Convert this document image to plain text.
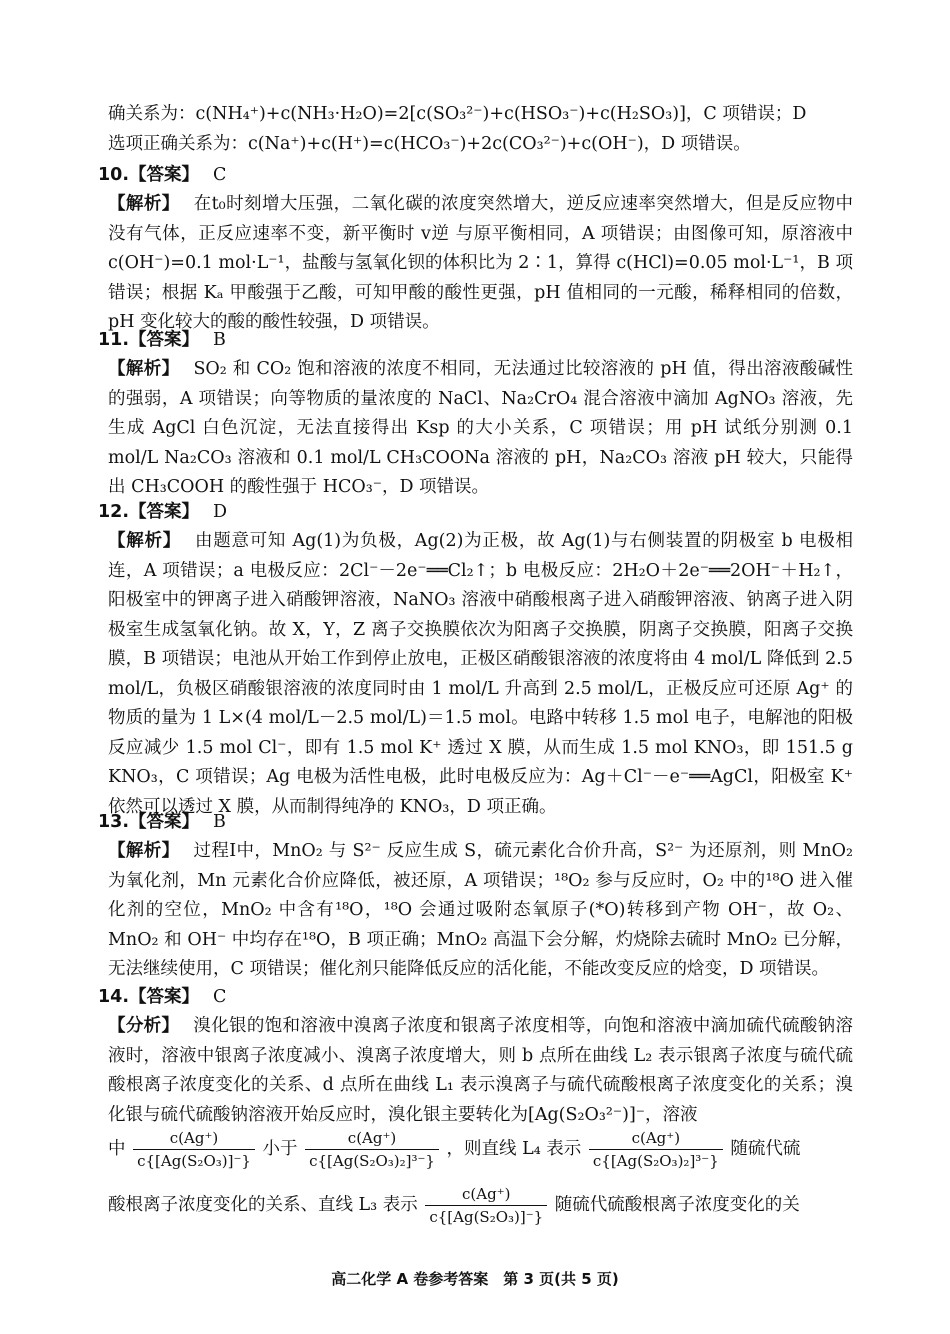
确关系为：c(NH₄⁺)+c(NH₃·H₂O)=2[c(SO₃²⁻)+c(HSO₃⁻)+c(H₂SO₃)]，C 项错误；D
选项正确关系为：c(Na⁺)+c(H⁺)=c(HCO₃⁻)+2c(CO₃²⁻)+c(OH⁻)，D 项错误。
10.【答案】 C
【解析】 在t₀时刻增大压强，二氧化碳的浓度突然增大，逆反应速率突然增大，但是反应物中没有气体，正反应速率不变，新平衡时 v逆 与原平衡相同，A 项错误；由图像可知，原溶液中 c(OH⁻)=0.1 mol·L⁻¹，盐酸与氢氧化钡的体积比为 2∶1，算得 c(HCl)=0.05 mol·L⁻¹，B 项错误；根据 Kₐ 甲酸强于乙酸，可知甲酸的酸性更强，pH 值相同的一元酸，稀释相同的倍数，pH 变化较大的酸的酸性较强，D 项错误。
11.【答案】 B
【解析】 SO₂ 和 CO₂ 饱和溶液的浓度不相同，无法通过比较溶液的 pH 值，得出溶液酸碱性的强弱，A 项错误；向等物质的量浓度的 NaCl、Na₂CrO₄ 混合溶液中滴加 AgNO₃ 溶液，先生成 AgCl 白色沉淀，无法直接得出 Ksp 的大小关系，C 项错误；用 pH 试纸分别测 0.1 mol/L Na₂CO₃ 溶液和 0.1 mol/L CH₃COONa 溶液的 pH，Na₂CO₃ 溶液 pH 较大，只能得出 CH₃COOH 的酸性强于 HCO₃⁻，D 项错误。
12.【答案】 D
【解析】 由题意可知 Ag(1)为负极，Ag(2)为正极，故 Ag(1)与右侧装置的阴极室 b 电极相连，A 项错误；a 电极反应：2Cl⁻－2e⁻══Cl₂↑；b 电极反应：2H₂O＋2e⁻══2OH⁻＋H₂↑，阳极室中的钾离子进入硝酸钾溶液，NaNO₃ 溶液中硝酸根离子进入硝酸钾溶液、钠离子进入阴极室生成氢氧化钠。故 X，Y，Z 离子交换膜依次为阳离子交换膜，阴离子交换膜，阳离子交换膜，B 项错误；电池从开始工作到停止放电，正极区硝酸银溶液的浓度将由 4 mol/L 降低到 2.5 mol/L，负极区硝酸银溶液的浓度同时由 1 mol/L 升高到 2.5 mol/L，正极反应可还原 Ag⁺ 的物质的量为 1 L×(4 mol/L－2.5 mol/L)＝1.5 mol。电路中转移 1.5 mol 电子，电解池的阳极反应减少 1.5 mol Cl⁻，即有 1.5 mol K⁺ 透过 X 膜，从而生成 1.5 mol KNO₃，即 151.5 g KNO₃，C 项错误；Ag 电极为活性电极，此时电极反应为：Ag＋Cl⁻－e⁻══AgCl，阳极室 K⁺ 依然可以透过 X 膜，从而制得纯净的 KNO₃，D 项正确。
13.【答案】 B
【解析】 过程Ⅰ中，MnO₂ 与 S²⁻ 反应生成 S，硫元素化合价升高，S²⁻ 为还原剂，则 MnO₂ 为氧化剂，Mn 元素化合价应降低，被还原，A 项错误；¹⁸O₂ 参与反应时，O₂ 中的¹⁸O 进入催化剂的空位，MnO₂ 中含有¹⁸O，¹⁸O 会通过吸附态氧原子(*O)转移到产物 OH⁻，故 O₂、MnO₂ 和 OH⁻ 中均存在¹⁸O，B 项正确；MnO₂ 高温下会分解，灼烧除去硫时 MnO₂ 已分解，无法继续使用，C 项错误；催化剂只能降低反应的活化能，不能改变反应的焓变，D 项错误。
14.【答案】 C
【分析】 溴化银的饱和溶液中溴离子浓度和银离子浓度相等，向饱和溶液中滴加硫代硫酸钠溶液时，溶液中银离子浓度减小、溴离子浓度增大，则 b 点所在曲线 L₂ 表示银离子浓度与硫代硫酸根离子浓度变化的关系、d 点所在曲线 L₁ 表示溴离子与硫代硫酸根离子浓度变化的关系；溴化银与硫代硫酸钠溶液开始反应时，溴化银主要转化为[Ag(S₂O₃²⁻)]⁻，溶液
中 $\frac{c(Ag^+)}{\text{c\{[Ag(S₂O₃)]⁻\}}}$ 小于 $\frac{c(Ag^+)}{\text{c\{[Ag(S₂O₃)₂]³⁻\}}}$ ，则直线 L₄ 表示 $\frac{c(Ag^+)}{\text{c\{[Ag(S₂O₃)₂]³⁻\}}}$ 随硫代硫
酸根离子浓度变化的关系、直线 L₃ 表示 $\frac{c(Ag^+)}{\text{c\{[Ag(S₂O₃)]⁻\}}}$ 随硫代硫酸根离子浓度变化的关
高二化学 A 卷参考答案　第 3 页(共 5 页)
